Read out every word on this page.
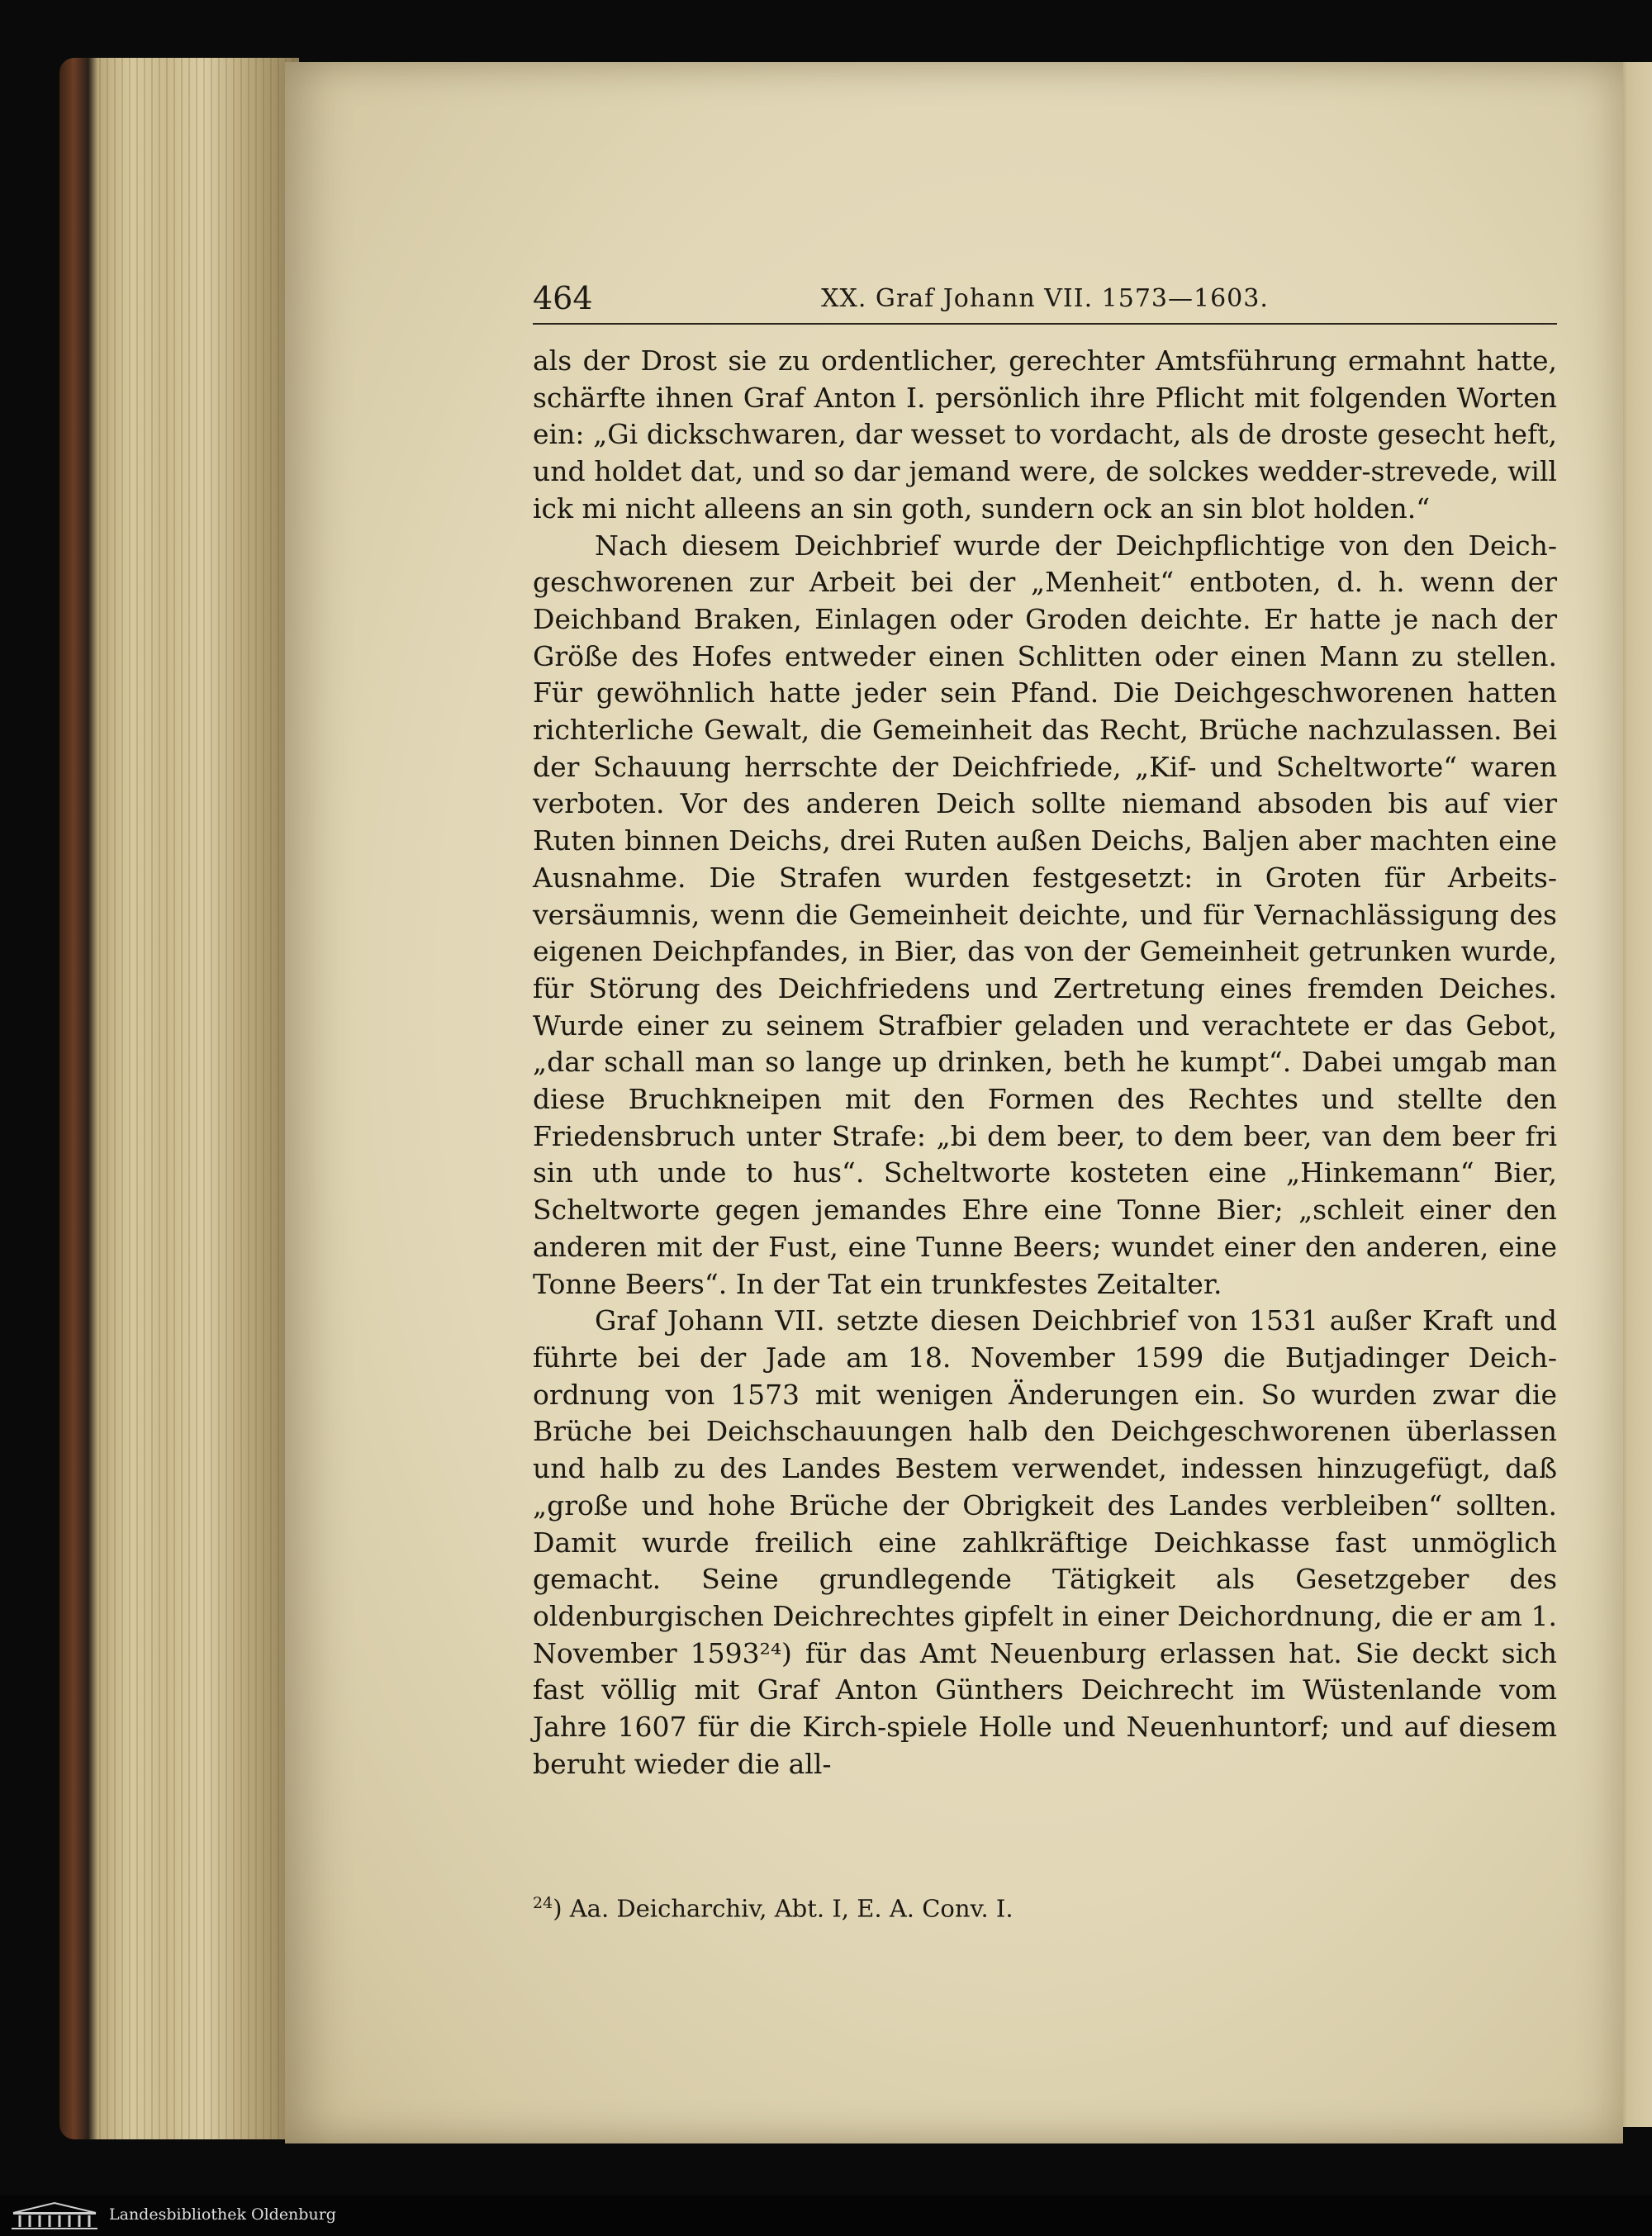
464	XX. Graf Johann VII. 1573—1603.

als der Drost sie zu ordentlicher, gerechter Amtsführung ermahnt hatte, schärfte ihnen Graf Anton I. persönlich ihre Pflicht mit folgenden Worten ein: „Gi dickschwaren, dar wesset to vordacht, als de droste gesecht heft, und holdet dat, und so dar jemand were, de solckes wedder-strevede, will ick mi nicht alleens an sin goth, sundern ock an sin blot holden.“

Nach diesem Deichbrief wurde der Deichpflichtige von den Deich-geschworenen zur Arbeit bei der „Menheit“ entboten, d. h. wenn der Deichband Braken, Einlagen oder Groden deichte. Er hatte je nach der Größe des Hofes entweder einen Schlitten oder einen Mann zu stellen. Für gewöhnlich hatte jeder sein Pfand. Die Deichgeschworenen hatten richterliche Gewalt, die Gemeinheit das Recht, Brüche nachzulassen. Bei der Schauung herrschte der Deichfriede, „Kif- und Scheltworte“ waren verboten. Vor des anderen Deich sollte niemand absoden bis auf vier Ruten binnen Deichs, drei Ruten außen Deichs, Baljen aber machten eine Ausnahme. Die Strafen wurden festgesetzt: in Groten für Arbeits-versäumnis, wenn die Gemeinheit deichte, und für Vernachlässigung des eigenen Deichpfandes, in Bier, das von der Gemeinheit getrunken wurde, für Störung des Deichfriedens und Zertretung eines fremden Deiches. Wurde einer zu seinem Strafbier geladen und verachtete er das Gebot, „dar schall man so lange up drinken, beth he kumpt“. Dabei umgab man diese Bruchkneipen mit den Formen des Rechtes und stellte den Friedensbruch unter Strafe: „bi dem beer, to dem beer, van dem beer fri sin uth unde to hus“. Scheltworte kosteten eine „Hinkemann“ Bier, Scheltworte gegen jemandes Ehre eine Tonne Bier; „schleit einer den anderen mit der Fust, eine Tunne Beers; wundet einer den anderen, eine Tonne Beers“. In der Tat ein trunkfestes Zeitalter.

Graf Johann VII. setzte diesen Deichbrief von 1531 außer Kraft und führte bei der Jade am 18. November 1599 die Butjadinger Deich-ordnung von 1573 mit wenigen Änderungen ein. So wurden zwar die Brüche bei Deichschauungen halb den Deichgeschworenen überlassen und halb zu des Landes Bestem verwendet, indessen hinzugefügt, daß „große und hohe Brüche der Obrigkeit des Landes verbleiben“ sollten. Damit wurde freilich eine zahlkräftige Deichkasse fast unmöglich gemacht. Seine grundlegende Tätigkeit als Gesetzgeber des oldenburgischen Deichrechtes gipfelt in einer Deichordnung, die er am 1. November 1593²⁴) für das Amt Neuenburg erlassen hat. Sie deckt sich fast völlig mit Graf Anton Günthers Deichrecht im Wüstenlande vom Jahre 1607 für die Kirch-spiele Holle und Neuenhuntorf; und auf diesem beruht wieder die all-

$^{24}$) Aa. Deicharchiv, Abt. I, E. A. Conv. I.
Landesbibliothek Oldenburg
